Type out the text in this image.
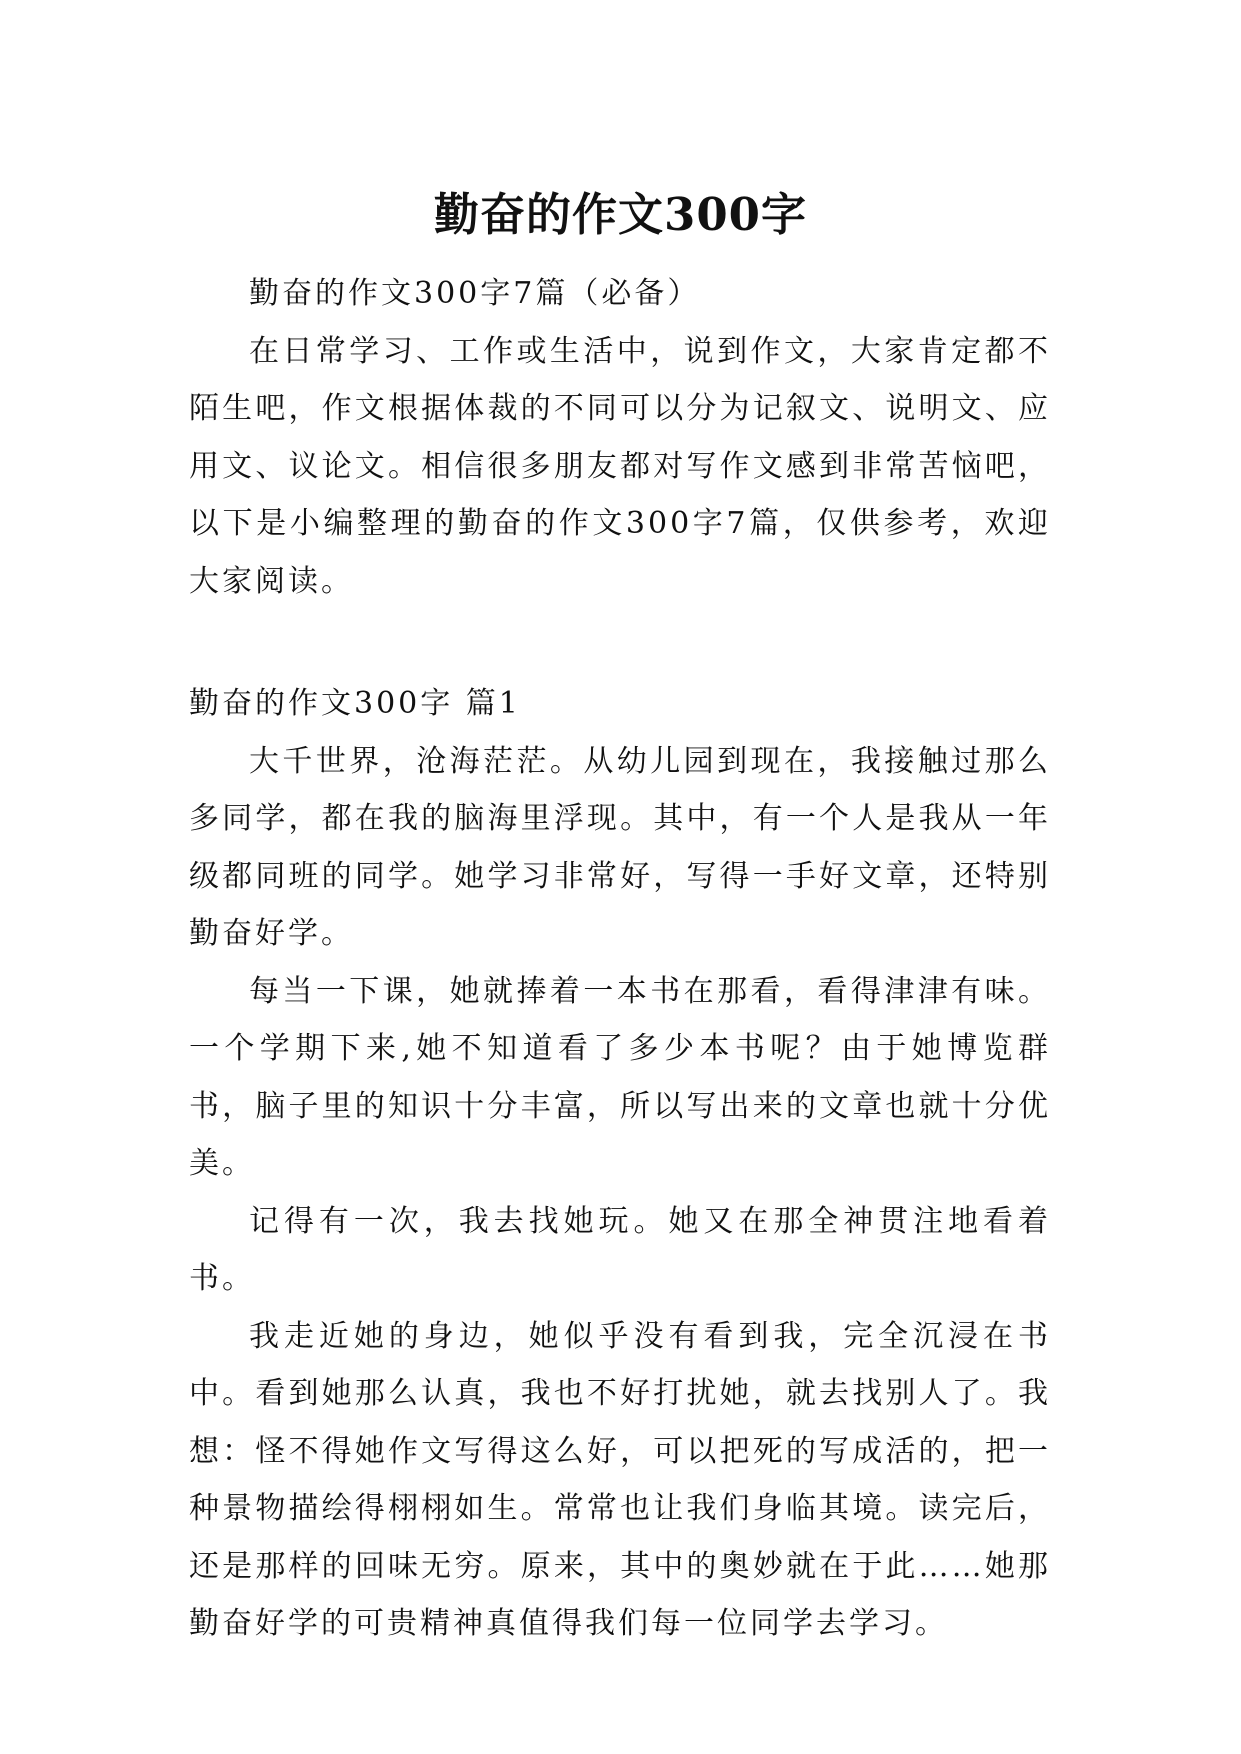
勤奋的作文300字

勤奋的作文300字7篇（必备）

在日常学习、工作或生活中，说到作文，大家肯定都不陌生吧，作文根据体裁的不同可以分为记叙文、说明文、应用文、议论文。相信很多朋友都对写作文感到非常苦恼吧，以下是小编整理的勤奋的作文300字7篇，仅供参考，欢迎大家阅读。

勤奋的作文300字 篇1

大千世界，沧海茫茫。从幼儿园到现在，我接触过那么多同学，都在我的脑海里浮现。其中，有一个人是我从一年级都同班的同学。她学习非常好，写得一手好文章，还特别勤奋好学。

每当一下课，她就捧着一本书在那看，看得津津有味。一个学期下来,她不知道看了多少本书呢？由于她博览群书，脑子里的知识十分丰富，所以写出来的文章也就十分优美。

记得有一次，我去找她玩。她又在那全神贯注地看着书。

我走近她的身边，她似乎没有看到我，完全沉浸在书中。看到她那么认真，我也不好打扰她，就去找别人了。我想：怪不得她作文写得这么好，可以把死的写成活的，把一种景物描绘得栩栩如生。常常也让我们身临其境。读完后，还是那样的回味无穷。原来，其中的奥妙就在于此……她那勤奋好学的可贵精神真值得我们每一位同学去学习。
